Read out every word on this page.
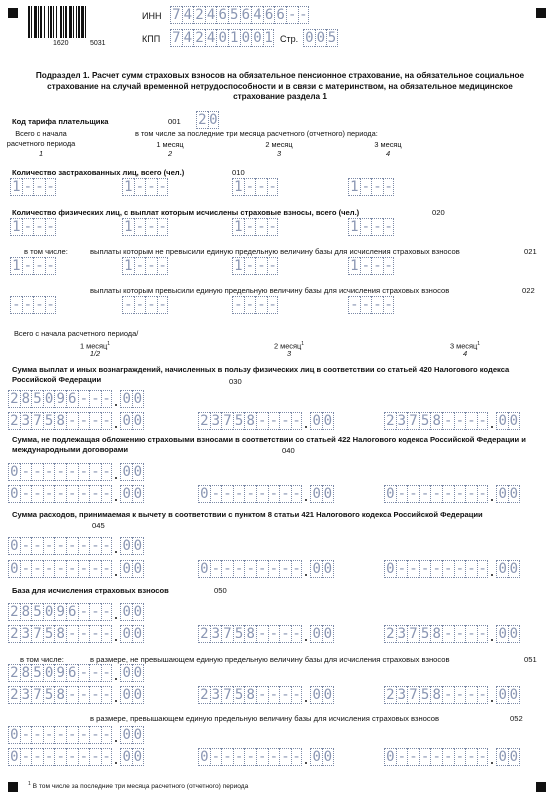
1620	5031
ИНН 7 4 2 4 6 5 6 4 6 6 - -
КПП 7 4 2 4 0 1 0 0 1 Стр. 0 0 5
Подраздел 1. Расчет сумм страховых взносов на обязательное пенсионное страхование, на обязательное социальное страхование на случай временной нетрудоспособности и в связи с материнством, на обязательное медицинское страхование раздела 1
Код тарифа плательщика	001 2 0
Всего с начала
расчетного периода
1
в том числе за последние три месяца расчетного (отчетного) периода:
1 месяц
2
2 месяц
3
3 месяц
4
Количество застрахованных лиц, всего (чел.)	010
1 - - -	1 - - -	1 - - -	1 - - -
Количество физических лиц, с выплат которым исчислены страховые взносы, всего (чел.)	020
1 - - -	1 - - -	1 - - -	1 - - -
в том числе:	выплаты которым не превысили единую предельную величину базы для исчисления страховых взносов	021
1 - - -	1 - - -	1 - - -	1 - - -
выплаты которым превысили единую предельную величину базы для исчисления страховых взносов	022
- - - -	- - - -	- - - -	- - - -
Всего с начала расчетного периода/
1 месяц$^1$
1/2
2 месяц$^1$
3
3 месяц$^1$
4
Сумма выплат и иных вознаграждений, начисленных в пользу физических лиц в соответствии со статьей 420 Налогового кодекса Российской Федерации	030
2 8 5 0 9 6 - - - 0 0
2 3 7 5 8 - - - - 0 0	2 3 7 5 8 - - - - 0 0	2 3 7 5 8 - - - - 0 0
Сумма, не подлежащая обложению страховыми взносами в соответствии со статьей 422 Налогового кодекса Российской Федерации и международными договорами	040
0 - - - - - - - - 0 0
0 - - - - - - - - 0 0	0 - - - - - - - - 0 0	0 - - - - - - - - 0 0
Сумма расходов, принимаемая к вычету в соответствии с пунктом 8 статьи 421 Налогового кодекса Российской Федерации
045
0 - - - - - - - - 0 0
0 - - - - - - - - 0 0	0 - - - - - - - - 0 0	0 - - - - - - - - 0 0
База для исчисления страховых взносов	050
2 8 5 0 9 6 - - - 0 0
2 3 7 5 8 - - - - 0 0	2 3 7 5 8 - - - - 0 0	2 3 7 5 8 - - - - 0 0
в том числе:	в размере, не превышающем единую предельную величину базы для исчисления страховых взносов	051
2 8 5 0 9 6 - - - 0 0
2 3 7 5 8 - - - - 0 0	2 3 7 5 8 - - - - 0 0	2 3 7 5 8 - - - - 0 0
в размере, превышающем единую предельную величину базы для исчисления страховых взносов	052
0 - - - - - - - - 0 0
0 - - - - - - - - 0 0	0 - - - - - - - - 0 0	0 - - - - - - - - 0 0
$^1$ В том числе за последние три месяца расчетного (отчетного) периода
